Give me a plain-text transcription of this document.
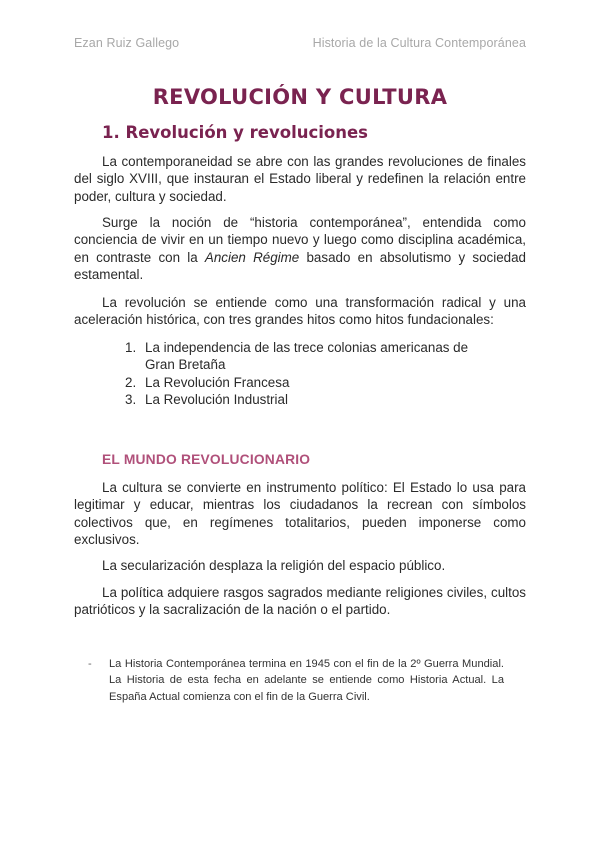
Ezan Ruiz Gallego	Historia de la Cultura Contemporánea
REVOLUCIÓN Y CULTURA
1. Revolución y revoluciones

La contemporaneidad se abre con las grandes revoluciones de finales del siglo XVIII, que instauran el Estado liberal y redefinen la relación entre poder, cultura y sociedad.

Surge la noción de “historia contemporánea”, entendida como conciencia de vivir en un tiempo nuevo y luego como disciplina académica, en contraste con la Ancien Régime basado en absolutismo y sociedad estamental.

La revolución se entiende como una transformación radical y una aceleración histórica, con tres grandes hitos como hitos fundacionales:

1. La independencia de las trece colonias americanas de Gran Bretaña
2. La Revolución Francesa
3. La Revolución Industrial
EL MUNDO REVOLUCIONARIO

La cultura se convierte en instrumento político: El Estado lo usa para legitimar y educar, mientras los ciudadanos la recrean con símbolos colectivos que, en regímenes totalitarios, pueden imponerse como exclusivos.

La secularización desplaza la religión del espacio público.

La política adquiere rasgos sagrados mediante religiones civiles, cultos patrióticos y la sacralización de la nación o el partido.

- La Historia Contemporánea termina en 1945 con el fin de la 2º Guerra Mundial. La Historia de esta fecha en adelante se entiende como Historia Actual. La España Actual comienza con el fin de la Guerra Civil.
